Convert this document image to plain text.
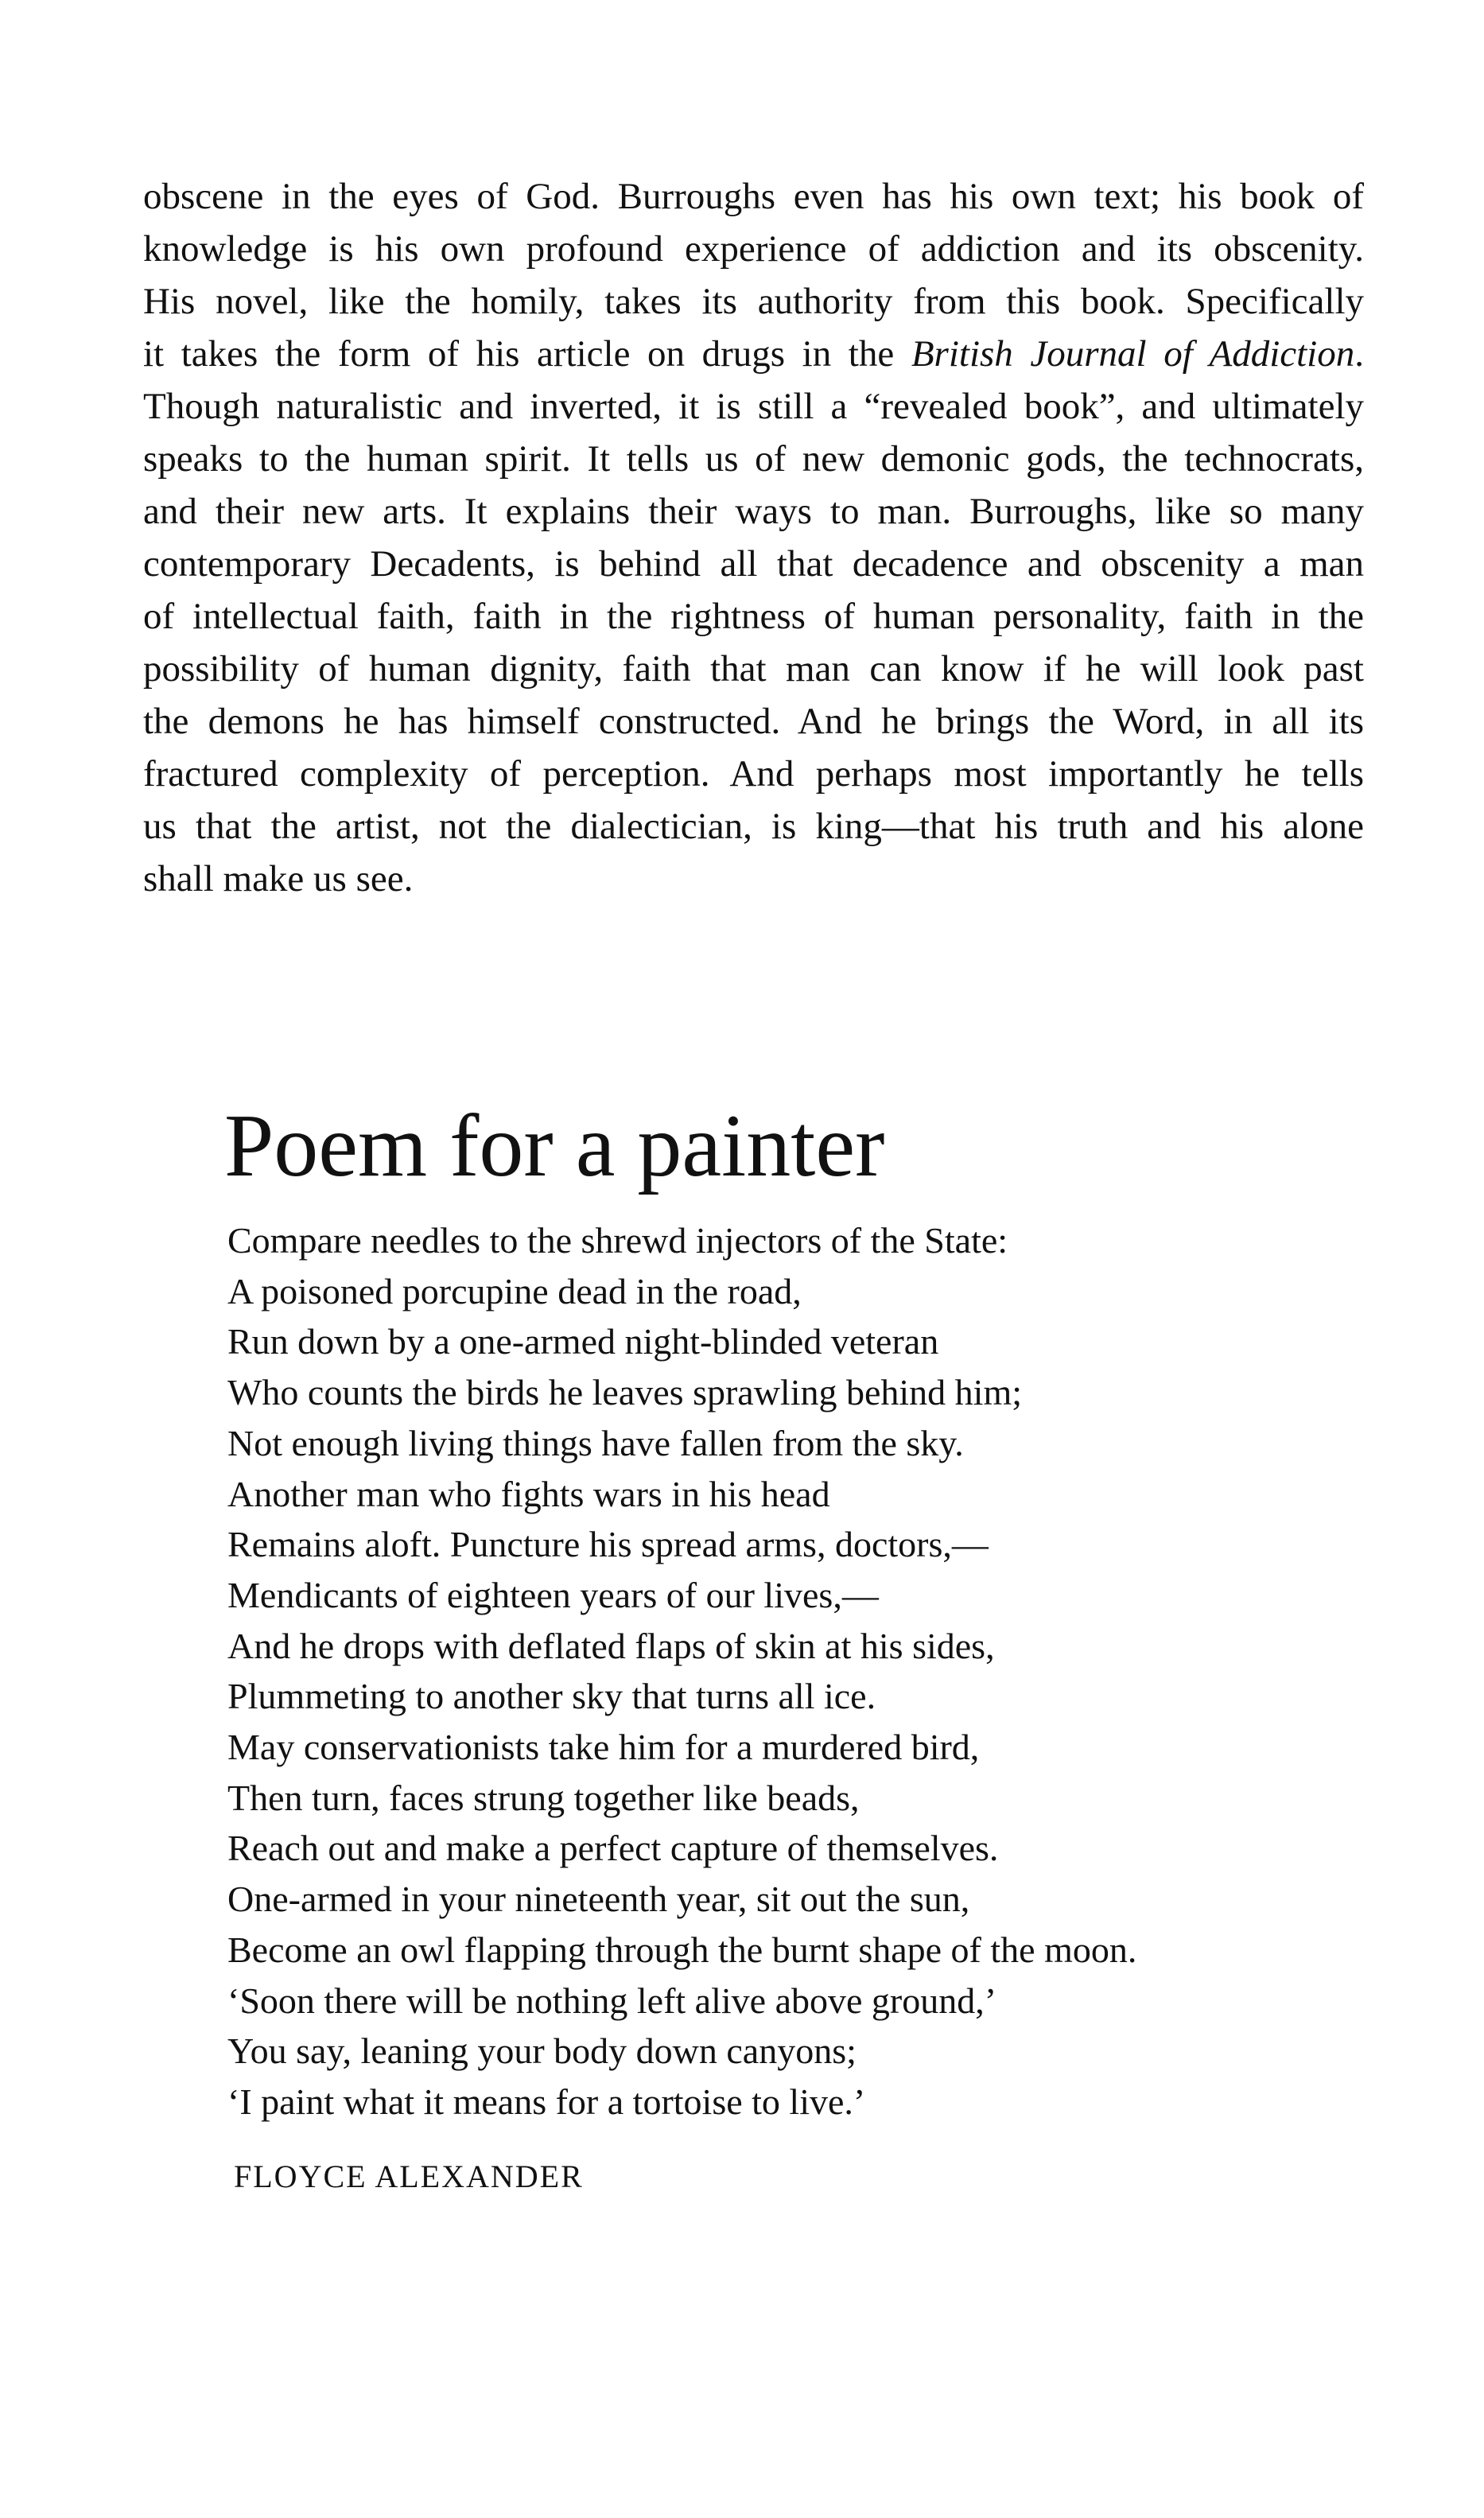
obscene in the eyes of God. Burroughs even has his own text; his book of
knowledge is his own profound experience of addiction and its obscenity.
His novel, like the homily, takes its authority from this book. Specifically
it takes the form of his article on drugs in the British Journal of Addiction.
Though naturalistic and inverted, it is still a “revealed book”, and ultimately
speaks to the human spirit. It tells us of new demonic gods, the technocrats,
and their new arts. It explains their ways to man. Burroughs, like so many
contemporary Decadents, is behind all that decadence and obscenity a man
of intellectual faith, faith in the rightness of human personality, faith in the
possibility of human dignity, faith that man can know if he will look past
the demons he has himself constructed. And he brings the Word, in all its
fractured complexity of perception. And perhaps most importantly he tells
us that the artist, not the dialectician, is king—that his truth and his alone
shall make us see.
Poem for a painter
Compare needles to the shrewd injectors of the State:
A poisoned porcupine dead in the road,
Run down by a one-armed night-blinded veteran
Who counts the birds he leaves sprawling behind him;
Not enough living things have fallen from the sky.
Another man who fights wars in his head
Remains aloft. Puncture his spread arms, doctors,—
Mendicants of eighteen years of our lives,—
And he drops with deflated flaps of skin at his sides,
Plummeting to another sky that turns all ice.
May conservationists take him for a murdered bird,
Then turn, faces strung together like beads,
Reach out and make a perfect capture of themselves.
One-armed in your nineteenth year, sit out the sun,
Become an owl flapping through the burnt shape of the moon.
‘Soon there will be nothing left alive above ground,’
You say, leaning your body down canyons;
‘I paint what it means for a tortoise to live.’
FLOYCE ALEXANDER
